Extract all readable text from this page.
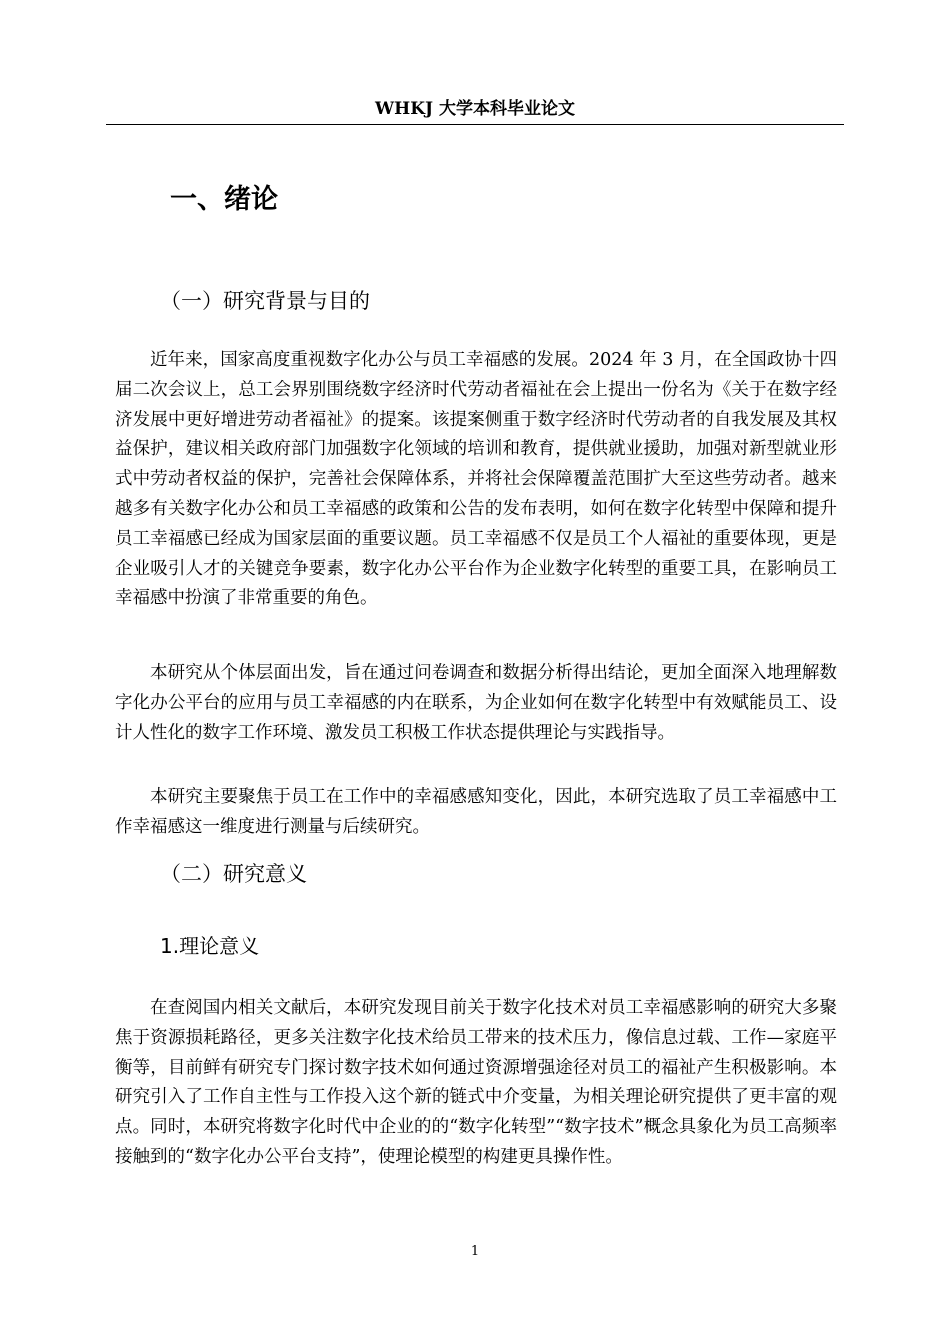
WHKJ 大学本科毕业论文
一、绪论
（一）研究背景与目的

近年来，国家高度重视数字化办公与员工幸福感的发展。2024 年 3 月，在全国政协十四届二次会议上，总工会界别围绕数字经济时代劳动者福祉在会上提出一份名为《关于在数字经济发展中更好增进劳动者福祉》的提案。该提案侧重于数字经济时代劳动者的自我发展及其权益保护，建议相关政府部门加强数字化领域的培训和教育，提供就业援助，加强对新型就业形式中劳动者权益的保护，完善社会保障体系，并将社会保障覆盖范围扩大至这些劳动者。越来越多有关数字化办公和员工幸福感的政策和公告的发布表明，如何在数字化转型中保障和提升员工幸福感已经成为国家层面的重要议题。员工幸福感不仅是员工个人福祉的重要体现，更是企业吸引人才的关键竞争要素，数字化办公平台作为企业数字化转型的重要工具，在影响员工幸福感中扮演了非常重要的角色。

本研究从个体层面出发，旨在通过问卷调查和数据分析得出结论，更加全面深入地理解数字化办公平台的应用与员工幸福感的内在联系，为企业如何在数字化转型中有效赋能员工、设计人性化的数字工作环境、激发员工积极工作状态提供理论与实践指导。

本研究主要聚焦于员工在工作中的幸福感感知变化，因此，本研究选取了员工幸福感中工作幸福感这一维度进行测量与后续研究。

（二）研究意义
1.理论意义

在查阅国内相关文献后，本研究发现目前关于数字化技术对员工幸福感影响的研究大多聚焦于资源损耗路径，更多关注数字化技术给员工带来的技术压力，像信息过载、工作—家庭平衡等，目前鲜有研究专门探讨数字技术如何通过资源增强途径对员工的福祉产生积极影响。本研究引入了工作自主性与工作投入这个新的链式中介变量，为相关理论研究提供了更丰富的观点。同时，本研究将数字化时代中企业的的“数字化转型”“数字技术”概念具象化为员工高频率接触到的“数字化办公平台支持”，使理论模型的构建更具操作性。

1
